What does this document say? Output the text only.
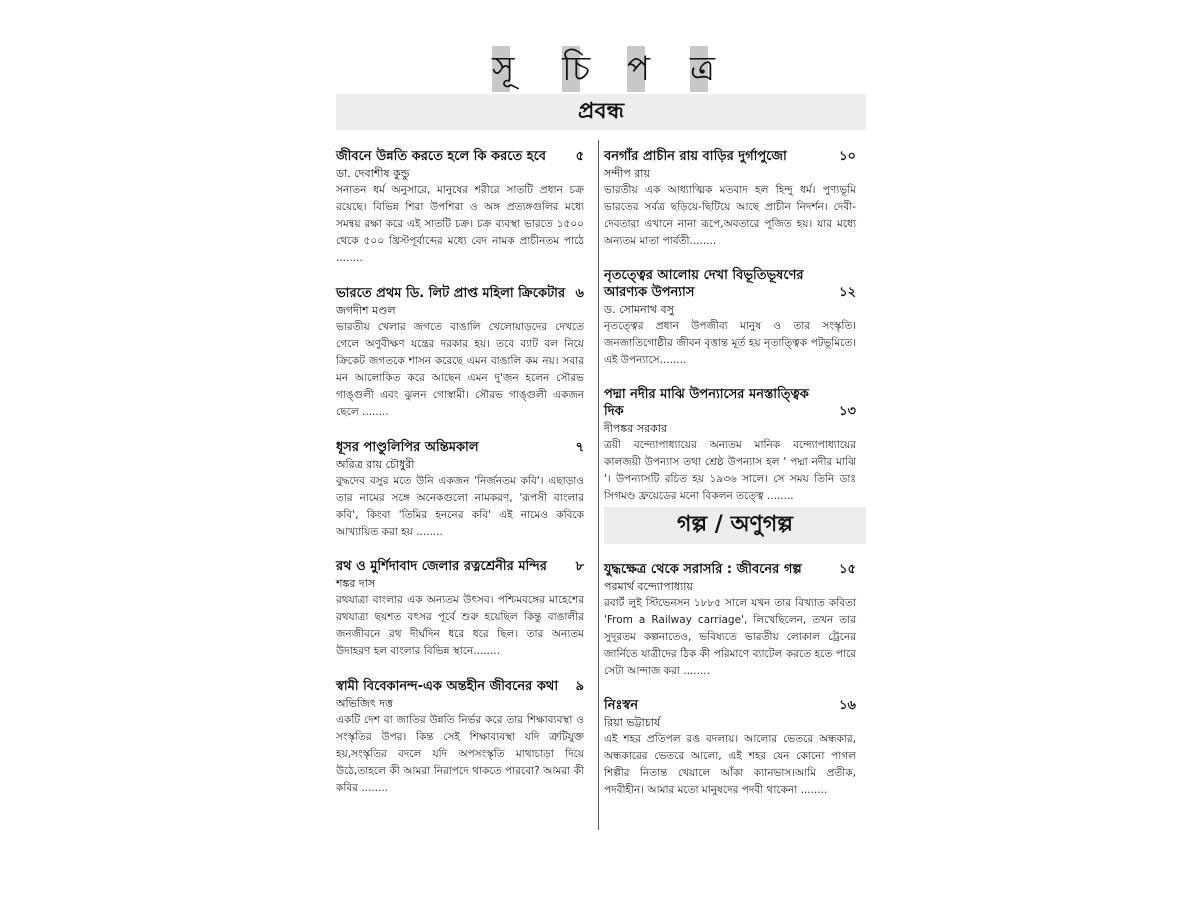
সূ চি প ত্র
প্রবন্ধ
জীবনে উন্নতি করতে হলে কি করতে হবে	৫
ডা. দেবাশীষ কুন্ডু
সনাতন ধর্ম অনুসারে, মানুষের শরীরে সাতটি প্রধান চক্র রয়েছে। বিভিন্ন শিরা উপশিরা ও অঙ্গ প্রত্যঙ্গগুলির মধ্যে সমন্বয় রক্ষা করে এই সাতটি চক্র। চক্র ব্যবস্থা ভারতে ১৫০০ থেকে ৫০০ খ্রিস্টপূর্বাব্দের মধ্যে বেদ নামক প্রাচীনতম পাঠে ........
ভারতে প্রথম ডি. লিট প্রাপ্ত মহিলা ক্রিকেটার ৬
জগদীশ মণ্ডল
ভারতীয় খেলার জগতে বাঙালি খেলোয়াড়দের দেখতে গেলে অণুবীক্ষণ যন্ত্রের দরকার হয়। তবে ব্যাট বল নিয়ে ক্রিকেট জগতকে শাসন করেছে এমন বাঙালি কম নয়। সবার মন আলোকিত করে আছেন এমন দু'জন হলেন সৌরভ গাঙ্গুলী এবং ঝুলন গোস্বামী। সৌরভ গাঙ্গুলী একজন ছেলে ........
ধূসর পাণ্ডুলিপির অন্তিমকাল	৭
অরিত্র রায় চৌধুরী
বুদ্ধদেব বসুর মতে উনি একজন 'নির্জনতম কবি'। এছাড়াও তার নামের সঙ্গে অনেকগুলো নামকরণ, 'রূপসী বাংলার কবি', কিংবা 'তিমির হননের কবি' এই নামেও কবিকে আখ্যায়িত করা হয় ........
রথ ও মুর্শিদাবাদ জেলার রত্নশ্রেনীর মন্দির	৮
শঙ্কর দাস
রথযাত্রা বাংলার এক অন্যতম উৎসব। পশ্চিমবঙ্গের মাহেশের রথযাত্রা ছয়শত বৎসর পূর্বে শুরু হয়েছিল কিন্তু বাঙালীর জনজীবনে রথ দীর্ঘদিন ধরে ধরে ছিল। তার অন্যতম উদাহরণ হল বাংলার বিভিন্ন স্থানে........
স্বামী বিবেকানন্দ-এক অন্তহীন জীবনের কথা	৯
অভিজিৎ দত্ত
একটি দেশ বা জাতির উন্নতি নির্ভর করে তার শিক্ষাব্যবস্থা ও সংস্কৃতির উপর। কিন্ত সেই শিক্ষাব্যবস্থা যদি ত্রুটিযুক্ত হয়,সংস্কৃতির বদলে যদি অপসংস্কৃতি মাথাচাড়া দিয়ে উঠে,তাহলে কী আমরা নিরাপদে থাকতে পারবো? আমরা কী কবির ........
বনগাঁর প্রাচীন রায় বাড়ির দুর্গাপুজো	১০
সন্দীপ রায়
ভারতীয় এক আধ্যাত্মিক মতবাদ হল হিন্দু ধর্ম। পুণ্যভূমি ভারতের সর্বত্র ছড়িয়ে-ছিটিয়ে আছে প্রাচীন নিদর্শন। দেবী-দেবতারা এখানে নানা রূপে,অবতারে পূজিত হয়। যার মধ্যে অন্যতম মাতা পার্বতী........
নৃতত্ত্বের আলোয় দেখা বিভূতিভূষণের আরণ্যক উপন্যাস	১২
ড. সোমনাথ বসু
নৃতত্ত্বের প্রধান উপজীব্য মানুষ ও তার সংস্কৃতি। জনজাতিগোষ্ঠীর জীবন বৃত্তান্ত মূর্ত হয় নৃতাত্ত্বিক পটভূমিতে। এই উপন্যাসে........
পদ্মা নদীর মাঝি উপন্যাসের মনস্তাত্ত্বিক দিক	১৩
দীপঙ্কর সরকার
ত্রয়ী বন্দ্যোপাধ্যায়ের অন্যতম মানিক বন্দ্যোপাধ্যায়ের কালজয়ী উপন্যাস তথা শ্রেষ্ঠ উপন্যাস হল ' পদ্মা নদীর মাঝি '। উপন্যাসটি রচিত হয় ১৯৩৬ সালে। সে সময় তিনি ডাঃ সিগমণ্ড ফ্রয়েডের মনো বিকলন তত্ত্বে ........
যুদ্ধক্ষেত্র থেকে সরাসরি : জীবনের গল্প	১৫
পরমার্থ বন্দ্যোপাধ্যায়
রবার্ট লুই স্টিভেনসন ১৮৮৫ সালে যখন তার বিখ্যাত কবিতা 'From a Railway carriage', লিখেছিলেন, তখন তার সুদূরতম কল্পনাতেও, ভবিষ্যতে ভারতীয় লোকাল ট্রেনের জার্নিতে যাত্রীদের ঠিক কী পরিমাণে ব্যাটেল করতে হতে পারে সেটা আন্দাজ করা ........
নিঃস্বন	১৬
রিয়া ভট্টাচার্য
এই শহর প্রতিপল রঙ বদলায়। আলোর ভেতরে অন্ধকার, অন্ধকারের ভেতরে আলো, এই শহর যেন কোনো পাগল শিল্পীর নিতান্ত খেয়ালে আঁকা ক্যানভাস।আমি প্রতীক, পদবীহীন। আমার মতো মানুষদের পদবী থাকেনা ........
গল্প / অণুগল্প
